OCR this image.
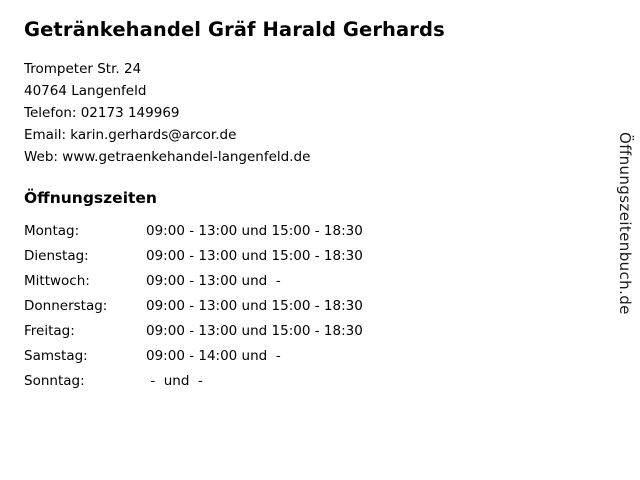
Getränkehandel Gräf Harald Gerhards
Trompeter Str. 24
40764 Langenfeld
Telefon: 02173 149969
Email: karin.gerhards@arcor.de
Web: www.getraenkehandel-langenfeld.de
Öffnungszeiten
Montag:	09:00 - 13:00 und 15:00 - 18:30
Dienstag:	09:00 - 13:00 und 15:00 - 18:30
Mittwoch:	09:00 - 13:00 und  -
Donnerstag:	09:00 - 13:00 und 15:00 - 18:30
Freitag:	09:00 - 13:00 und 15:00 - 18:30
Samstag:	09:00 - 14:00 und  -
Sonntag:	-  und  -
Öffnungszeitenbuch.de
